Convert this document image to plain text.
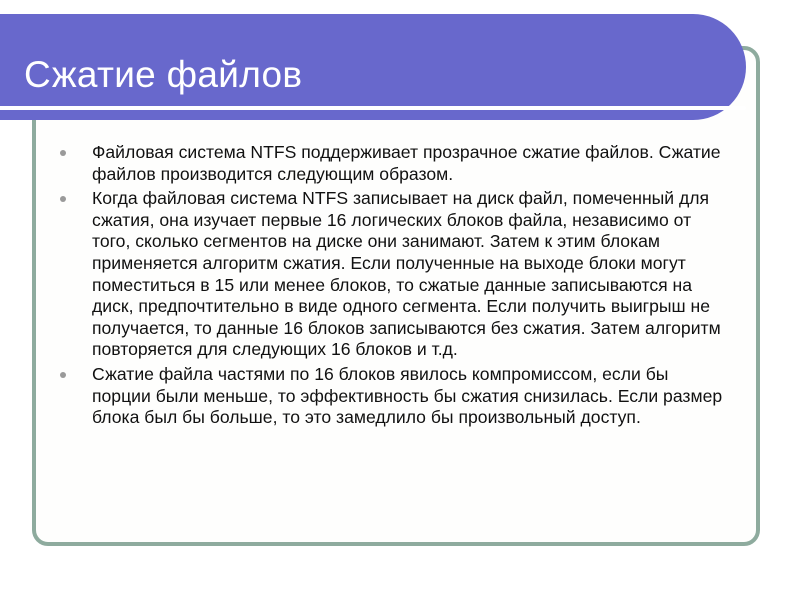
Сжатие файлов
Файловая система NTFS поддерживает прозрачное сжатие файлов. Сжатие файлов производится следующим образом.
Когда файловая система NTFS записывает на диск файл, помеченный для сжатия, она изучает первые 16 логических блоков файла, независимо от того, сколько сегментов на диске они занимают. Затем к этим блокам применяется алгоритм сжатия. Если полученные на выходе блоки могут поместиться в 15 или менее блоков, то сжатые данные записываются на диск, предпочтительно в виде одного сегмента. Если получить выигрыш не получается, то данные 16 блоков записываются без сжатия. Затем алгоритм повторяется для следующих 16 блоков и т.д.
Сжатие файла частями по 16 блоков явилось компромиссом, если бы порции были меньше, то эффективность бы сжатия снизилась. Если размер блока был бы больше, то это замедлило бы произвольный доступ.
